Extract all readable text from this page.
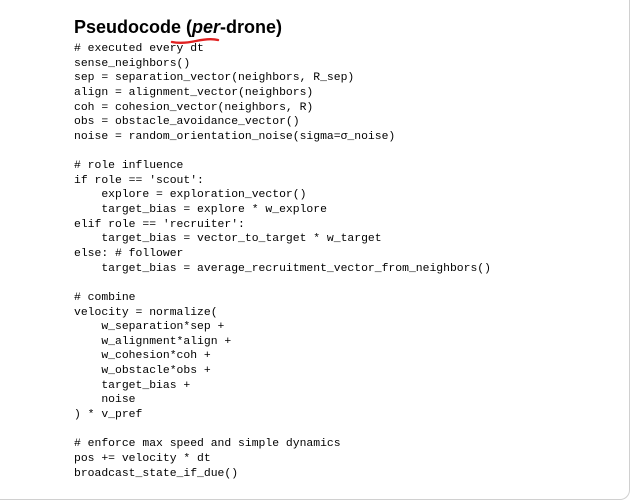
Pseudocode (per-drone)
# executed every dt
sense_neighbors()
sep = separation_vector(neighbors, R_sep)
align = alignment_vector(neighbors)
coh = cohesion_vector(neighbors, R)
obs = obstacle_avoidance_vector()
noise = random_orientation_noise(sigma=σ_noise)
# role influence
if role == 'scout':
explore = exploration_vector()
target_bias = explore * w_explore
elif role == 'recruiter':
target_bias = vector_to_target * w_target
else: # follower
target_bias = average_recruitment_vector_from_neighbors()
# combine
velocity = normalize(
w_separation*sep +
w_alignment*align +
w_cohesion*coh +
w_obstacle*obs +
target_bias +
noise
) * v_pref
# enforce max speed and simple dynamics
pos += velocity * dt
broadcast_state_if_due()
